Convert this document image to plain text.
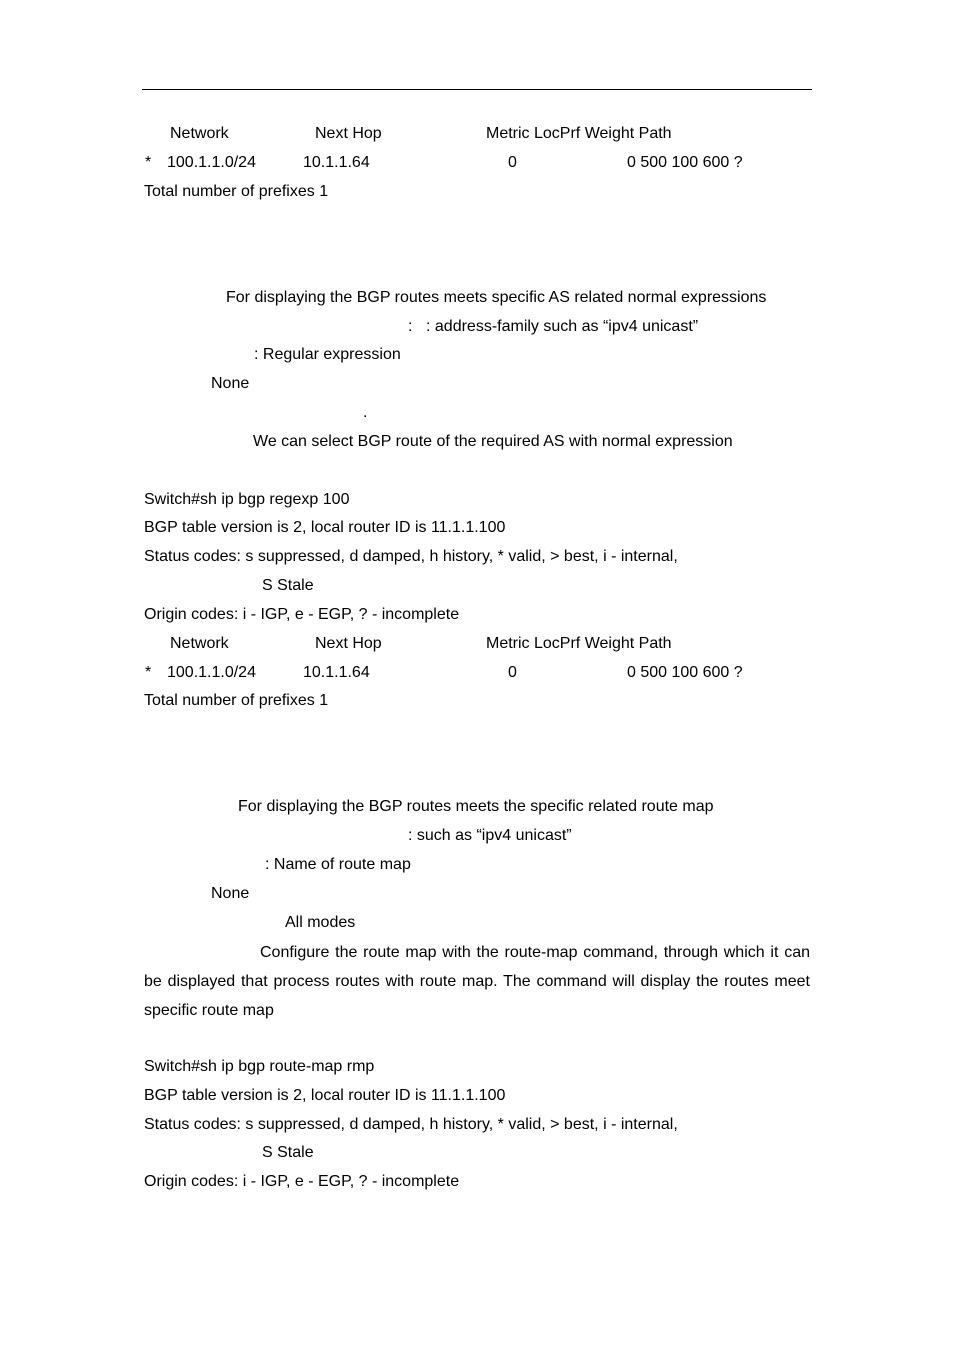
Network	Next Hop	Metric LocPrf Weight Path
* 100.1.1.0/24	10.1.1.64	0	0 500 100 600 ?
Total number of prefixes 1
For displaying the BGP routes meets specific AS related normal expressions
: : address-family such as “ipv4 unicast”
: Regular expression
None
.
We can select BGP route of the required AS with normal expression
Switch#sh ip bgp regexp 100
BGP table version is 2, local router ID is 11.1.1.100
Status codes: s suppressed, d damped, h history, * valid, > best, i - internal,
S Stale
Origin codes: i - IGP, e - EGP, ? - incomplete
Network	Next Hop	Metric LocPrf Weight Path
* 100.1.1.0/24	10.1.1.64	0	0 500 100 600 ?
Total number of prefixes 1
For displaying the BGP routes meets the specific related route map
: such as “ipv4 unicast”
: Name of route map
None
All modes
Configure the route map with the route-map command, through which it can be displayed that process routes with route map. The command will display the routes meet specific route map
Switch#sh ip bgp route-map rmp
BGP table version is 2, local router ID is 11.1.1.100
Status codes: s suppressed, d damped, h history, * valid, > best, i - internal,
S Stale
Origin codes: i - IGP, e - EGP, ? - incomplete
